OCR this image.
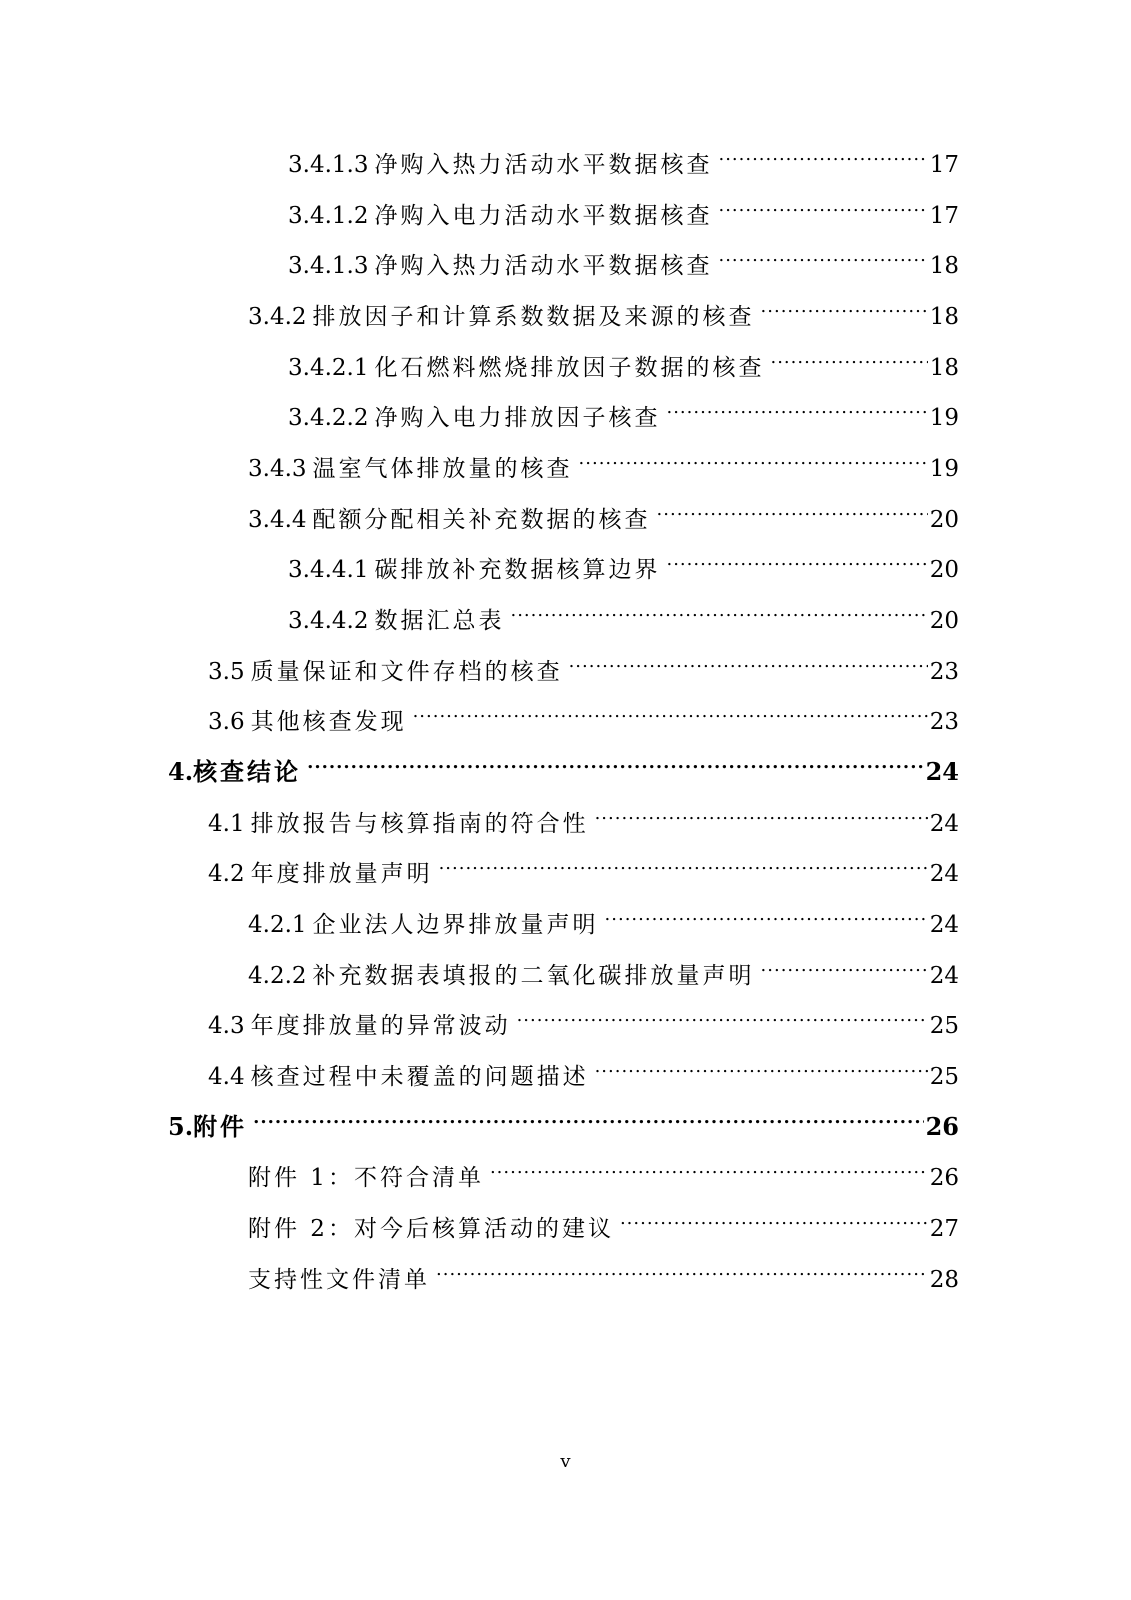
3.4.1.3 净购入热力活动水平数据核查 .....	17
3.4.1.2 净购入电力活动水平数据核查 .....	17
3.4.1.3 净购入热力活动水平数据核查 .....	18
3.4.2 排放因子和计算系数数据及来源的核查 .....	18
3.4.2.1 化石燃料燃烧排放因子数据的核查 .....	18
3.4.2.2 净购入电力排放因子核查 .....	19
3.4.3 温室气体排放量的核查 .....	19
3.4.4 配额分配相关补充数据的核查 .....	20
3.4.4.1 碳排放补充数据核算边界 .....	20
3.4.4.2 数据汇总表 .....	20
3.5 质量保证和文件存档的核查 .....	23
3.6 其他核查发现 .....	23
4.核查结论 .....	24
4.1 排放报告与核算指南的符合性 .....	24
4.2 年度排放量声明 .....	24
4.2.1 企业法人边界排放量声明 .....	24
4.2.2 补充数据表填报的二氧化碳排放量声明 .....	24
4.3 年度排放量的异常波动 .....	25
4.4 核查过程中未覆盖的问题描述 .....	25
5.附件 .....	26
附件 1：不符合清单 .....	26
附件 2：对今后核算活动的建议 .....	27
支持性文件清单 .....	28
v
